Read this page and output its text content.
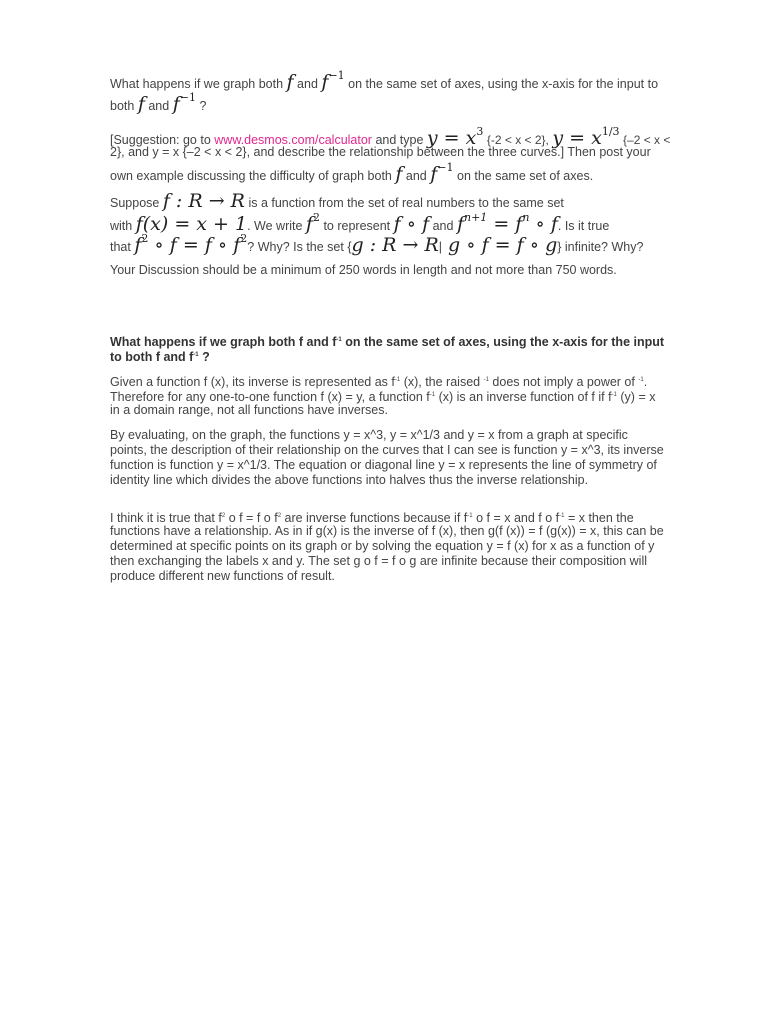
What happens if we graph both f and $f^{-1}$ on the same set of axes, using the x-axis for the input to
both f and $f^{-1}$ ?
[Suggestion: go to www.desmos.com/calculator and type $y = x^3$ {-2 < x < 2}, $y = x^{1/3}$ {–2 < x <
2}, and y = x {–2 < x < 2}, and describe the relationship between the three curves.] Then post your
own example discussing the difficulty of graph both f and $f^{-1}$ on the same set of axes.
Suppose f : R → R is a function from the set of real numbers to the same set
with f(x) = x + 1. We write $f^2$ to represent f ∘ f and $f^{n+1} = f^n$ ∘ f. Is it true
that $f^2$ ∘ f = f ∘ $f^2$? Why? Is the set {g : R → R| g ∘ f = f ∘ g} infinite? Why?
Your Discussion should be a minimum of 250 words in length and not more than 750 words.
What happens if we graph both f and $f^{-1}$ on the same set of axes, using the x-axis for the input
to both f and $f^{-1}$ ?
Given a function f (x), its inverse is represented as $f^{-1}$ (x), the raised $^{-1}$ does not imply a power of $^{-1}$.
Therefore for any one-to-one function f (x) = y, a function $f^{-1}$ (x) is an inverse function of f if $f^{-1}$ (y) = x
in a domain range, not all functions have inverses.
By evaluating, on the graph, the functions y = x^3, y = x^1/3 and y = x from a graph at specific
points, the description of their relationship on the curves that I can see is function y = x^3, its inverse
function is function y = x^1/3. The equation or diagonal line y = x represents the line of symmetry of
identity line which divides the above functions into halves thus the inverse relationship.
I think it is true that $f^2$ o f = f o $f^2$ are inverse functions because if $f^{-1}$ o f = x and f o $f^{-1} = x$ then the
functions have a relationship. As in if g(x) is the inverse of f (x), then g(f (x)) = f (g(x)) = x, this can be
determined at specific points on its graph or by solving the equation y = f (x) for x as a function of y
then exchanging the labels x and y. The set g o f = f o g are infinite because their composition will
produce different new functions of result.
